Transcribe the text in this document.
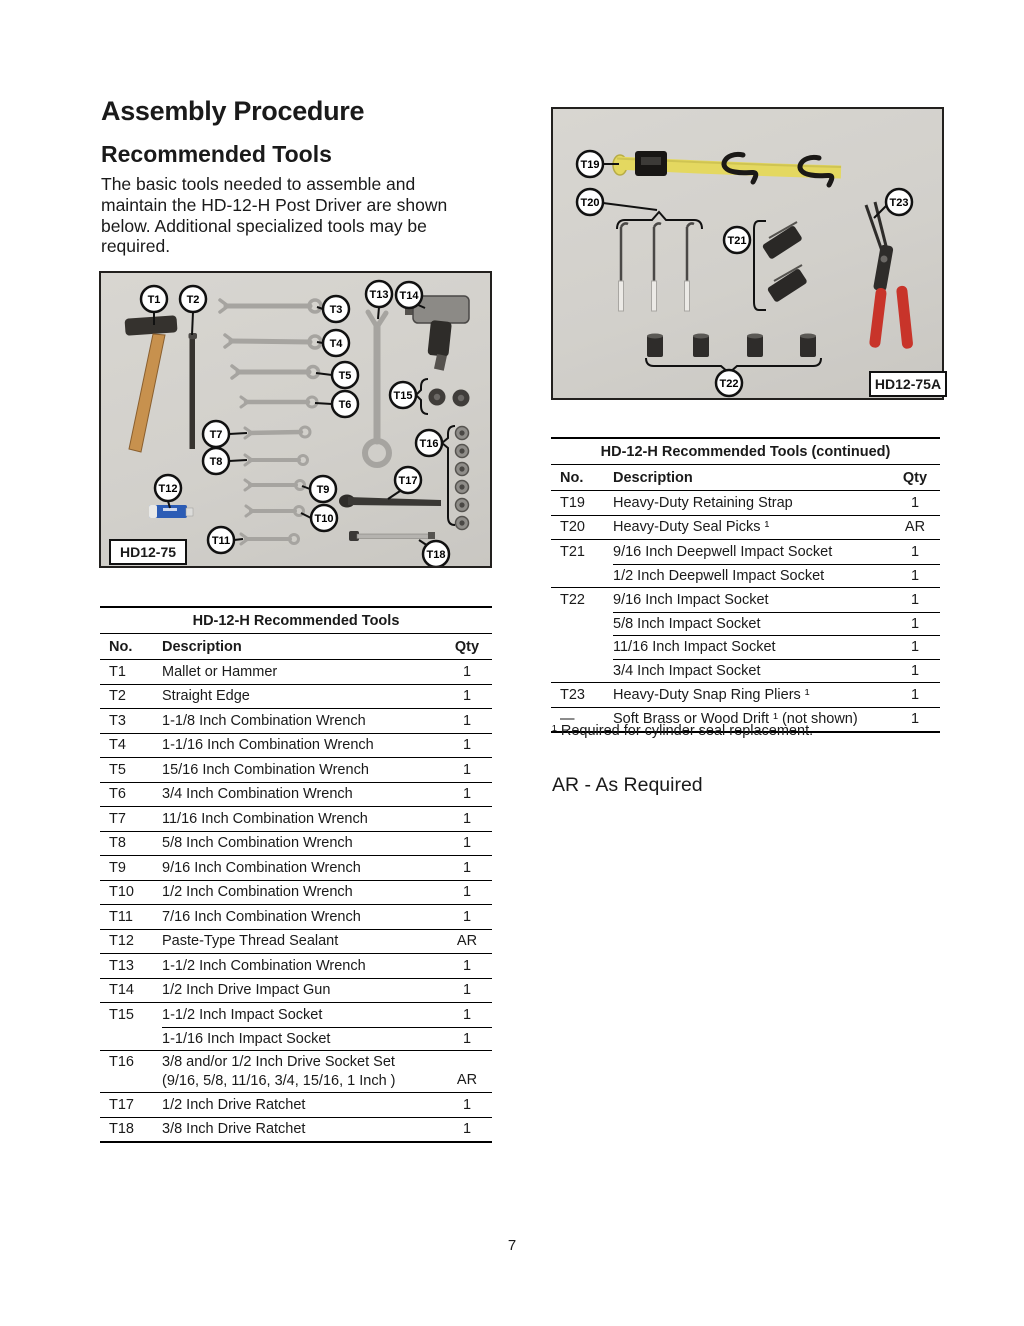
Assembly Procedure
Recommended Tools
The basic tools needed to assemble and maintain the HD-12-H Post Driver are shown below. Additional specialized tools may be required.
T1 T2
T3
T4
T5
T6
T7
T8
T9
T10
T11
T12
T13 T14
T15
T16
T17
T18
HD12-75
T19
T20
T21
T22
T23
HD12-75A
HD-12-H Recommended Tools
No.	Description	Qty
T1	Mallet or Hammer	1
T2	Straight Edge	1
T3	1-1/8 Inch Combination Wrench	1
T4	1-1/16 Inch Combination Wrench	1
T5	15/16 Inch Combination Wrench	1
T6	3/4 Inch Combination Wrench	1
T7	11/16 Inch Combination Wrench	1
T8	5/8 Inch Combination Wrench	1
T9	9/16 Inch Combination Wrench	1
T10	1/2 Inch Combination Wrench	1
T11	7/16 Inch Combination Wrench	1
T12	Paste-Type Thread Sealant	AR
T13	1-1/2 Inch Combination Wrench	1
T14	1/2 Inch Drive Impact Gun	1
T15	1-1/2 Inch Impact Socket	1
1-1/16 Inch Impact Socket	1
T16	3/8 and/or 1/2 Inch Drive Socket Set
(9/16, 5/8, 11/16, 3/4, 15/16, 1 Inch )	AR
T17	1/2 Inch Drive Ratchet	1
T18	3/8 Inch Drive Ratchet	1
HD-12-H Recommended Tools (continued)
No.	Description	Qty
T19	Heavy-Duty Retaining Strap	1
T20	Heavy-Duty Seal Picks ¹	AR
T21	9/16 Inch Deepwell Impact Socket	1
1/2 Inch Deepwell Impact Socket	1
T22	9/16 Inch Impact Socket	1
5/8 Inch Impact Socket	1
11/16 Inch Impact Socket	1
3/4 Inch Impact Socket	1
T23	Heavy-Duty Snap Ring Pliers ¹	1
—	Soft Brass or Wood Drift ¹ (not shown)	1
¹ Required for cylinder seal replacement.
AR - As Required
7
